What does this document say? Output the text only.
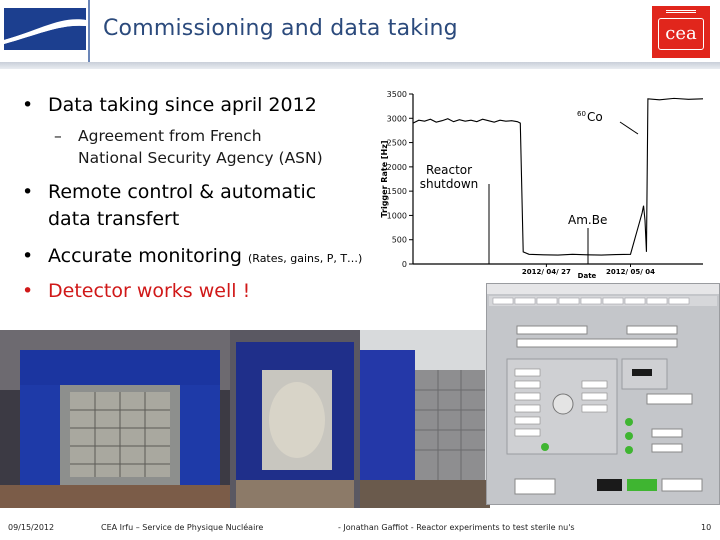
Commissioning and data taking	cea
• Data taking since april 2012
– Agreement from French
National Security Agency (ASN)
• Remote control & automatic
data transfert
• Accurate monitoring (Rates, gains, P, T…)
• Detector works well !
0
500
1000
1500
2000
2500
3000
3500
Trigger Rate [Hz]
2012/ 04/ 27	2012/ 05/ 04
Date
Co
60
Reactor
shutdown
Am.Be
09/15/2012	CEA Irfu – Service de Physique Nucléaire	- Jonathan Gaffiot - Reactor experiments to test sterile nu's	10
